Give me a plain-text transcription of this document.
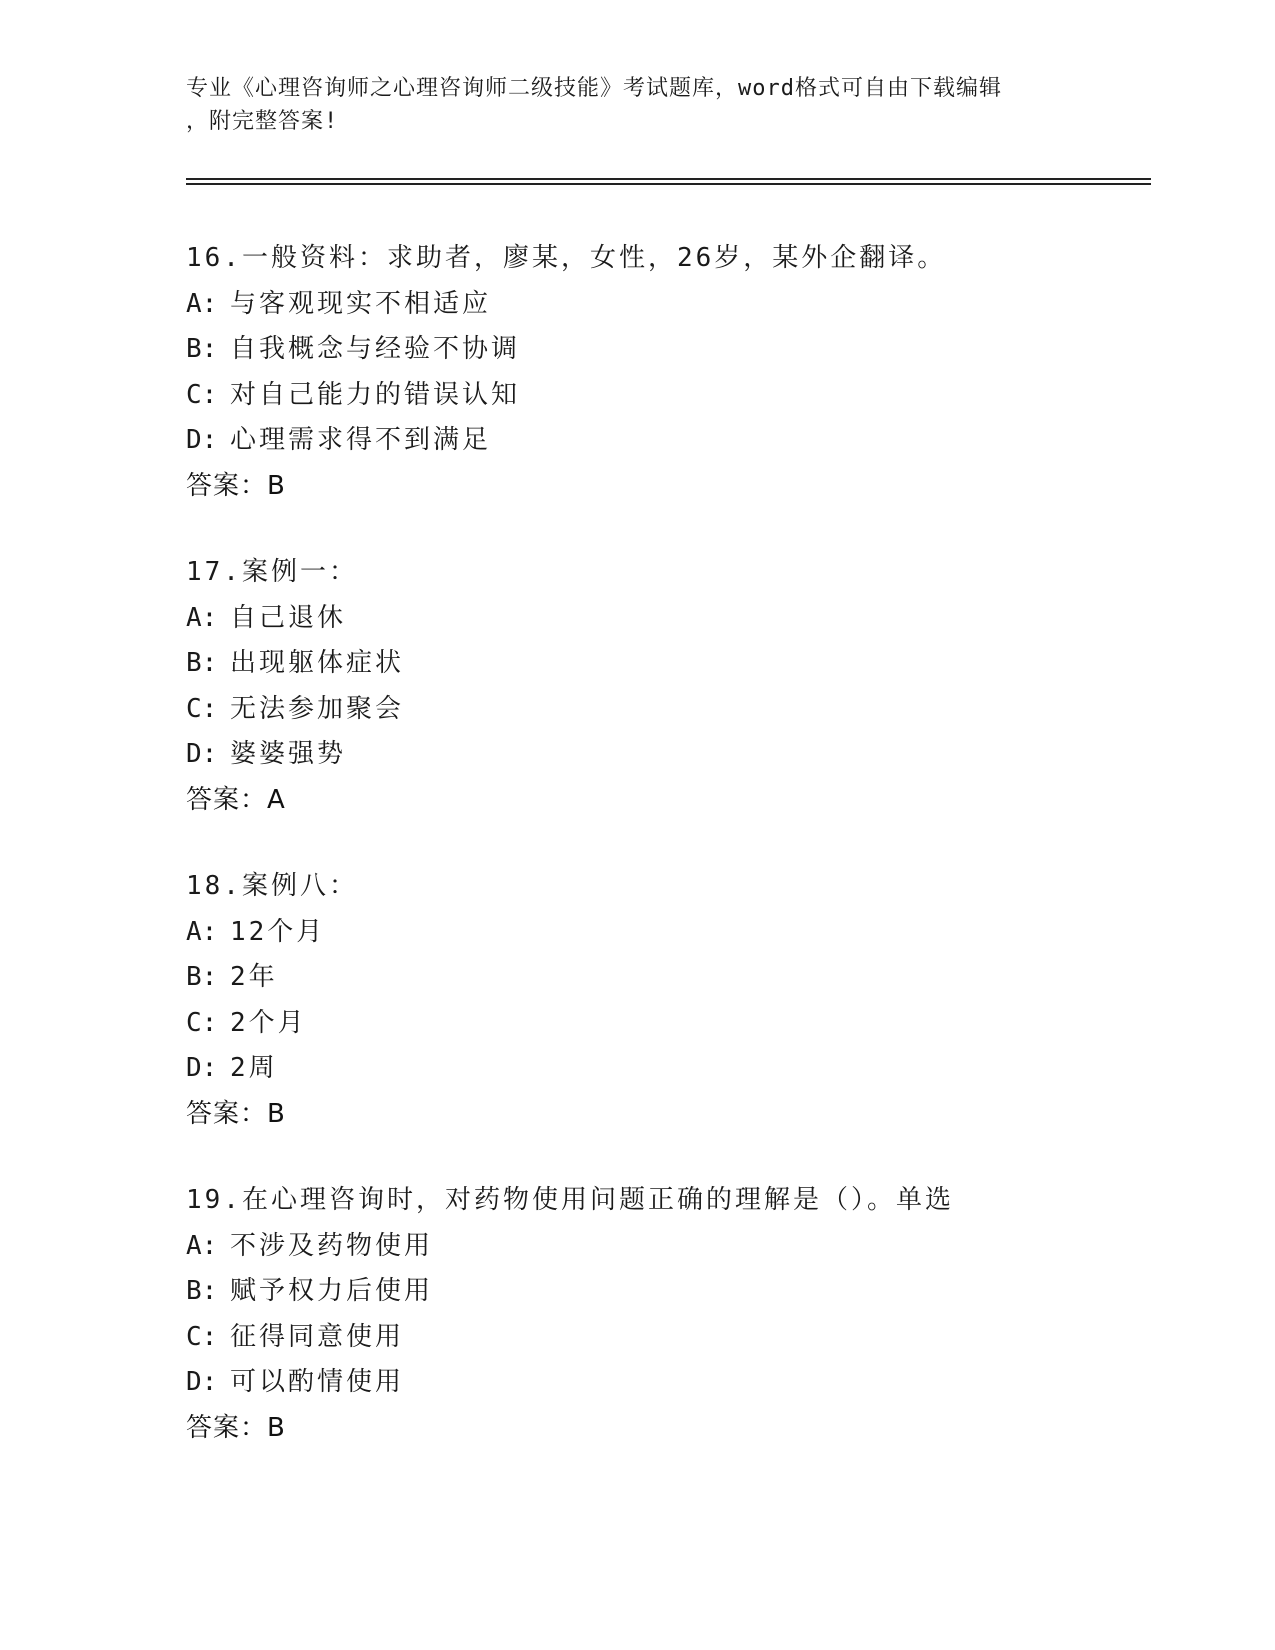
专业《心理咨询师之心理咨询师二级技能》考试题库，word格式可自由下载编辑
，附完整答案!
16.一般资料：求助者，廖某，女性，26岁，某外企翻译。
A: 与客观现实不相适应
B: 自我概念与经验不协调
C: 对自己能力的错误认知
D: 心理需求得不到满足
答案：B
17.案例一：
A: 自己退休
B: 出现躯体症状
C: 无法参加聚会
D: 婆婆强势
答案：A
18.案例八：
A: 12个月
B: 2年
C: 2个月
D: 2周
答案：B
19.在心理咨询时，对药物使用问题正确的理解是（）。单选
A: 不涉及药物使用
B: 赋予权力后使用
C: 征得同意使用
D: 可以酌情使用
答案：B
